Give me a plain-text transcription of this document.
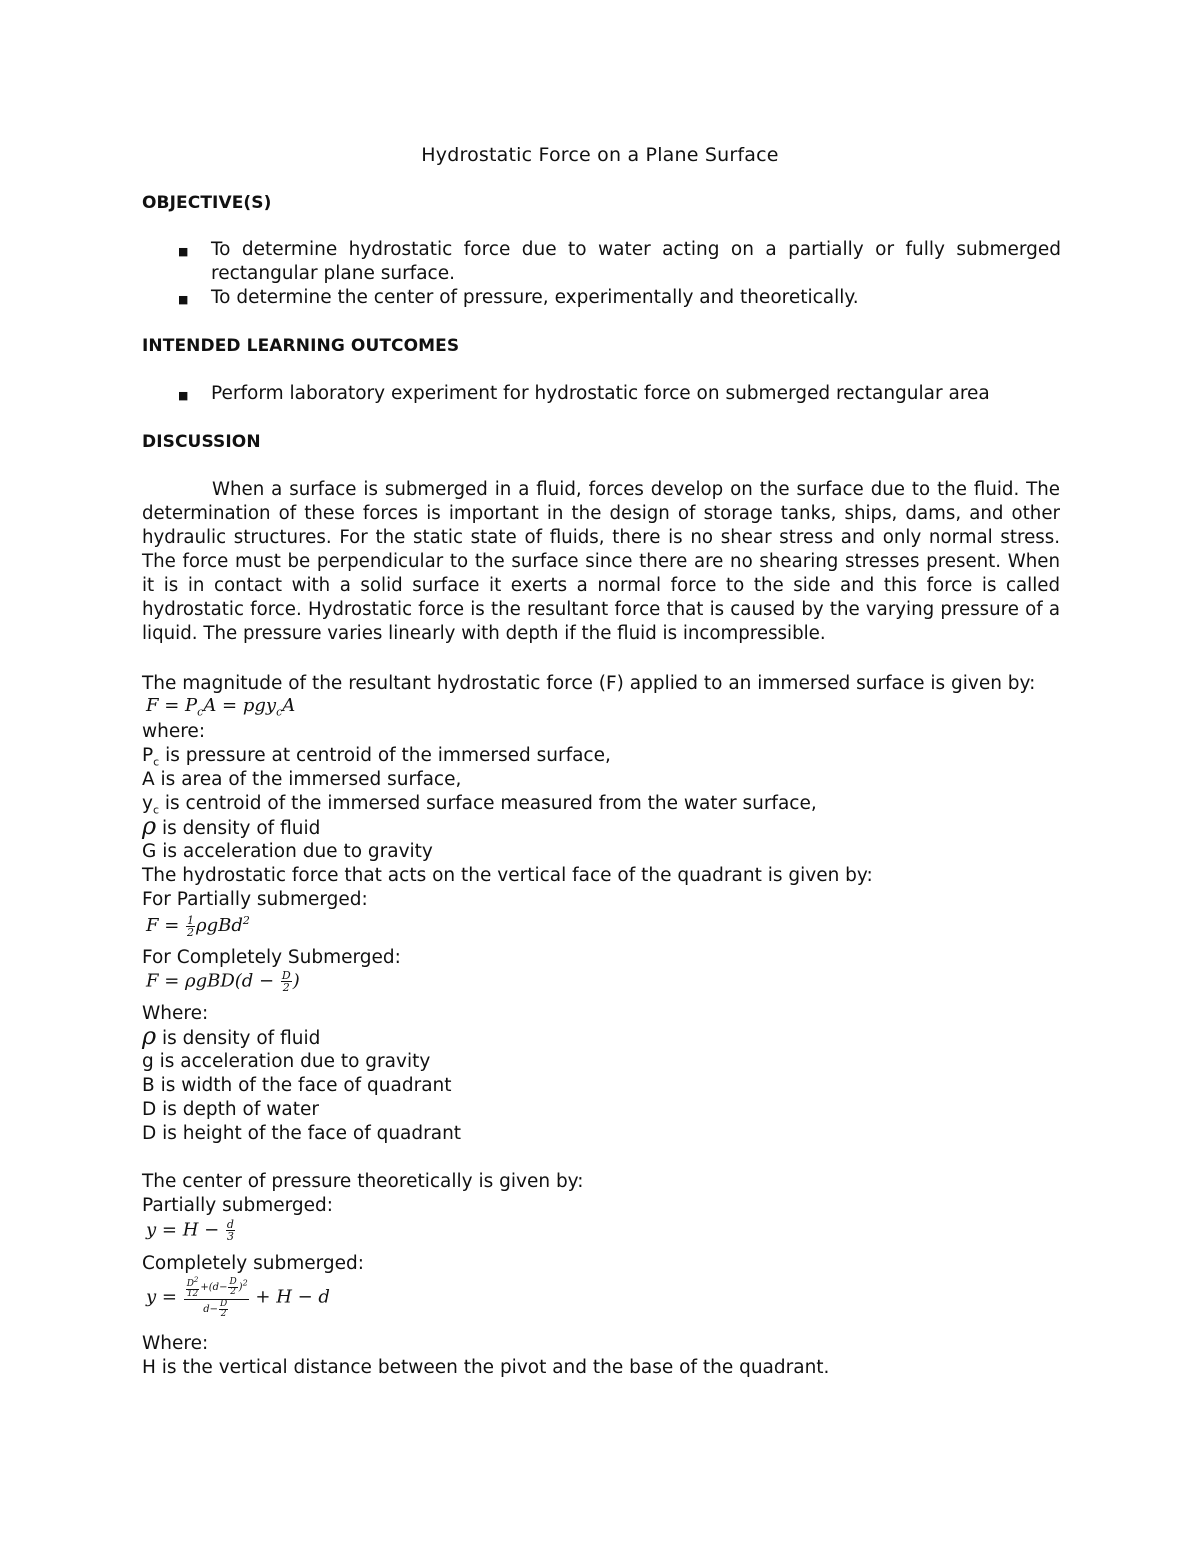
Hydrostatic Force on a Plane Surface
OBJECTIVE(S)
■ To determine hydrostatic force due to water acting on a partially or fully submerged rectangular plane surface.
■ To determine the center of pressure, experimentally and theoretically.
INTENDED LEARNING OUTCOMES
■ Perform laboratory experiment for hydrostatic force on submerged rectangular area
DISCUSSION
When a surface is submerged in a fluid, forces develop on the surface due to the fluid. The determination of these forces is important in the design of storage tanks, ships, dams, and other hydraulic structures. For the static state of fluids, there is no shear stress and only normal stress. The force must be perpendicular to the surface since there are no shearing stresses present. When it is in contact with a solid surface it exerts a normal force to the side and this force is called hydrostatic force. Hydrostatic force is the resultant force that is caused by the varying pressure of a liquid. The pressure varies linearly with depth if the fluid is incompressible.
The magnitude of the resultant hydrostatic force (F) applied to an immersed surface is given by:
$F = P_cA = pgy_cA$
where:
$P_c$ is pressure at centroid of the immersed surface,
A is area of the immersed surface,
$y_c$ is centroid of the immersed surface measured from the water surface,
ρ is density of fluid
G is acceleration due to gravity
The hydrostatic force that acts on the vertical face of the quadrant is given by:
For Partially submerged:
$F = \frac{1}{2} \rho gBd^2$
For Completely Submerged:
$F = \rho gBD(d - \frac{D}{2}$ )
Where:
ρ is density of fluid
g is acceleration due to gravity
B is width of the face of quadrant
D is depth of water
D is height of the face of quadrant
The center of pressure theoretically is given by:
Partially submerged:
$y = H - \frac{d}{3}$
Completely submerged:
$y = \frac{\frac{D^2}{12} +(d- \frac{D}{2} )^2}{d- \frac{D}{2}} + H - d$
Where:
H is the vertical distance between the pivot and the base of the quadrant.
